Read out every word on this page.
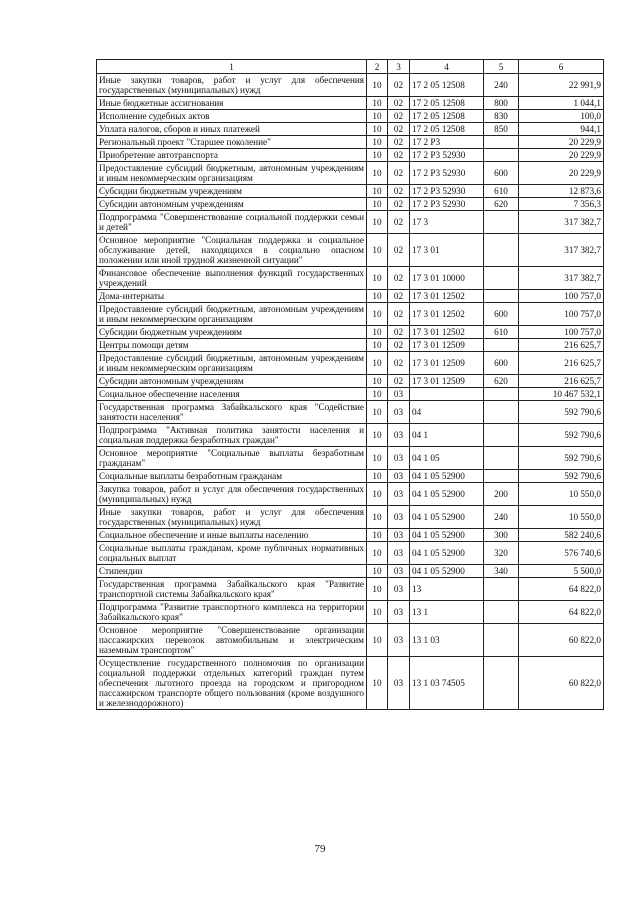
1	2	3	4	5	6
Иные закупки товаров, работ и услуг для обеспечения государственных (муниципальных) нужд	10	02	17 2 05 12508	240	22 991,9
Иные бюджетные ассигнования	10	02	17 2 05 12508	800	1 044,1
Исполнение судебных актов	10	02	17 2 05 12508	830	100,0
Уплата налогов, сборов и иных платежей	10	02	17 2 05 12508	850	944,1
Региональный проект "Старшее поколение"	10	02	17 2 P3		20 229,9
Приобретение автотранспорта	10	02	17 2 P3 52930		20 229,9
Предоставление субсидий бюджетным, автономным учреждениям и иным некоммерческим организациям	10	02	17 2 P3 52930	600	20 229,9
Субсидии бюджетным учреждениям	10	02	17 2 P3 52930	610	12 873,6
Субсидии автономным учреждениям	10	02	17 2 P3 52930	620	7 356,3
Подпрограмма "Совершенствование социальной поддержки семьи и детей"	10	02	17 3		317 382,7
Основное мероприятие "Социальная поддержка и социальное обслуживание детей, находящихся в социально опасном положении или иной трудной жизненной ситуации"	10	02	17 3 01		317 382,7
Финансовое обеспечение выполнения функций государственных учреждений	10	02	17 3 01 10000		317 382,7
Дома-интернаты	10	02	17 3 01 12502		100 757,0
Предоставление субсидий бюджетным, автономным учреждениям и иным некоммерческим организациям	10	02	17 3 01 12502	600	100 757,0
Субсидии бюджетным учреждениям	10	02	17 3 01 12502	610	100 757,0
Центры помощи детям	10	02	17 3 01 12509		216 625,7
Предоставление субсидий бюджетным, автономным учреждениям и иным некоммерческим организациям	10	02	17 3 01 12509	600	216 625,7
Субсидии автономным учреждениям	10	02	17 3 01 12509	620	216 625,7
Социальное обеспечение населения	10	03			10 467 532,1
Государственная программа Забайкальского края "Содействие занятости населения"	10	03	04		592 790,6
Подпрограмма "Активная политика занятости населения и социальная поддержка безработных граждан"	10	03	04 1		592 790,6
Основное мероприятие "Социальные выплаты безработным гражданам"	10	03	04 1 05		592 790,6
Социальные выплаты безработным гражданам	10	03	04 1 05 52900		592 790,6
Закупка товаров, работ и услуг для обеспечения государственных (муниципальных) нужд	10	03	04 1 05 52900	200	10 550,0
Иные закупки товаров, работ и услуг для обеспечения государственных (муниципальных) нужд	10	03	04 1 05 52900	240	10 550,0
Социальное обеспечение и иные выплаты населению	10	03	04 1 05 52900	300	582 240,6
Социальные выплаты гражданам, кроме публичных нормативных социальных выплат	10	03	04 1 05 52900	320	576 740,6
Стипендии	10	03	04 1 05 52900	340	5 500,0
Государственная программа Забайкальского края "Развитие транспортной системы Забайкальского края"	10	03	13		64 822,0
Подпрограмма "Развитие транспортного комплекса на территории Забайкальского края"	10	03	13 1		64 822,0
Основное мероприятие "Совершенствование организации пассажирских перевозок автомобильным и электрическим наземным транспортом"	10	03	13 1 03		60 822,0
Осуществление государственного полномочия по организации социальной поддержки отдельных категорий граждан путем обеспечения льготного проезда на городском и пригородном пассажирском транспорте общего пользования (кроме воздушного и железнодорожного)	10	03	13 1 03 74505		60 822,0
79
